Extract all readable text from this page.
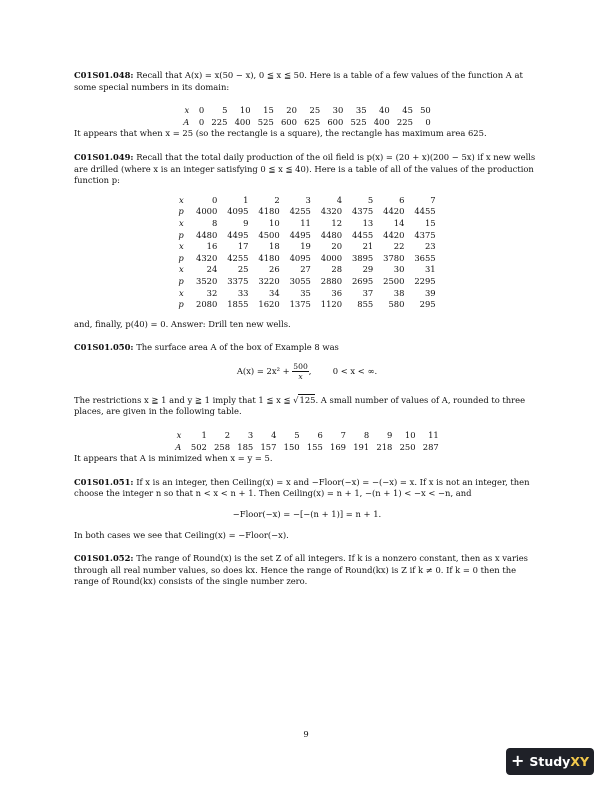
C01S01.048: Recall that A(x) = x(50 − x), 0 ≦ x ≦ 50. Here is a table of a few values of the function A at some special numbers in its domain:

x	0	5	10	15	20	25	30	35	40	45	50
A	0	225	400	525	600	625	600	525	400	225	0

It appears that when x = 25 (so the rectangle is a square), the rectangle has maximum area 625.

C01S01.049: Recall that the total daily production of the oil field is p(x) = (20 + x)(200 − 5x) if x new wells are drilled (where x is an integer satisfying 0 ≦ x ≦ 40). Here is a table of all of the values of the production function p:

x	0	1	2	3	4	5	6	7
p	4000	4095	4180	4255	4320	4375	4420	4455
x	8	9	10	11	12	13	14	15
p	4480	4495	4500	4495	4480	4455	4420	4375
x	16	17	18	19	20	21	22	23
p	4320	4255	4180	4095	4000	3895	3780	3655
x	24	25	26	27	28	29	30	31
p	3520	3375	3220	3055	2880	2695	2500	2295
x	32	33	34	35	36	37	38	39
p	2080	1855	1620	1375	1120	855	580	295

and, finally, p(40) = 0. Answer: Drill ten new wells.

C01S01.050: The surface area A of the box of Example 8 was

$A(x) = 2x^2 + \frac{500}{x}$ ,        0 < x < ∞.

The restrictions x ≧ 1 and y ≧ 1 imply that 1 ≦ x ≦ √125. A small number of values of A, rounded to three places, are given in the following table.

x	1	2	3	4	5	6	7	8	9	10	11
A	502	258	185	157	150	155	169	191	218	250	287

It appears that A is minimized when x = y = 5.

C01S01.051: If x is an integer, then Ceiling(x) = x and −Floor(−x) = −(−x) = x. If x is not an integer, then choose the integer n so that n < x < n + 1. Then Ceiling(x) = n + 1, −(n + 1) < −x < −n, and

−Floor(−x) = −[−(n + 1)] = n + 1.

In both cases we see that Ceiling(x) = −Floor(−x).

C01S01.052: The range of Round(x) is the set Z of all integers. If k is a nonzero constant, then as x varies through all real number values, so does kx. Hence the range of Round(kx) is Z if k ≠ 0. If k = 0 then the range of Round(kx) consists of the single number zero.

9
+ StudyXY
